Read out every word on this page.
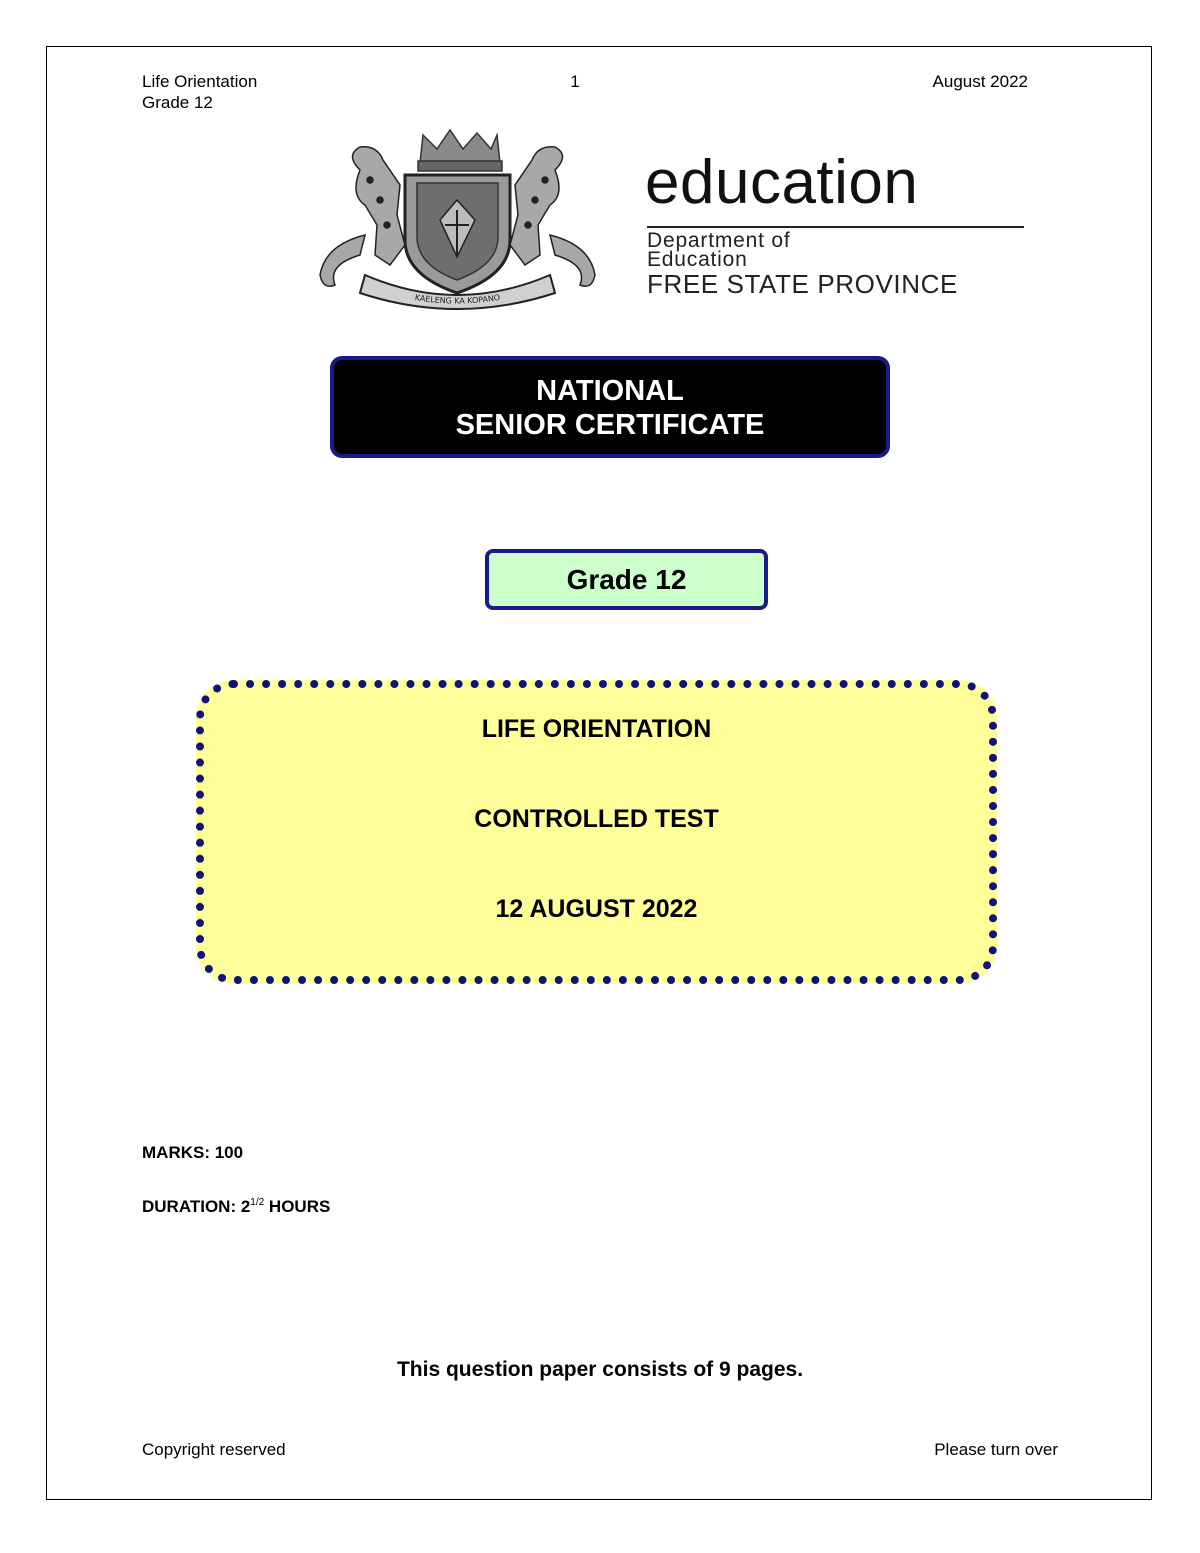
Life Orientation
Grade 12
1	August 2022
KAELENG KA KOPANO
education
Department of
Education
FREE STATE PROVINCE
NATIONAL
SENIOR CERTIFICATE
Grade 12
LIFE ORIENTATION
CONTROLLED TEST
12 AUGUST 2022
MARKS: 100
DURATION: $2^{1/2}$ HOURS
This question paper consists of 9 pages.
Copyright reserved	Please turn over
